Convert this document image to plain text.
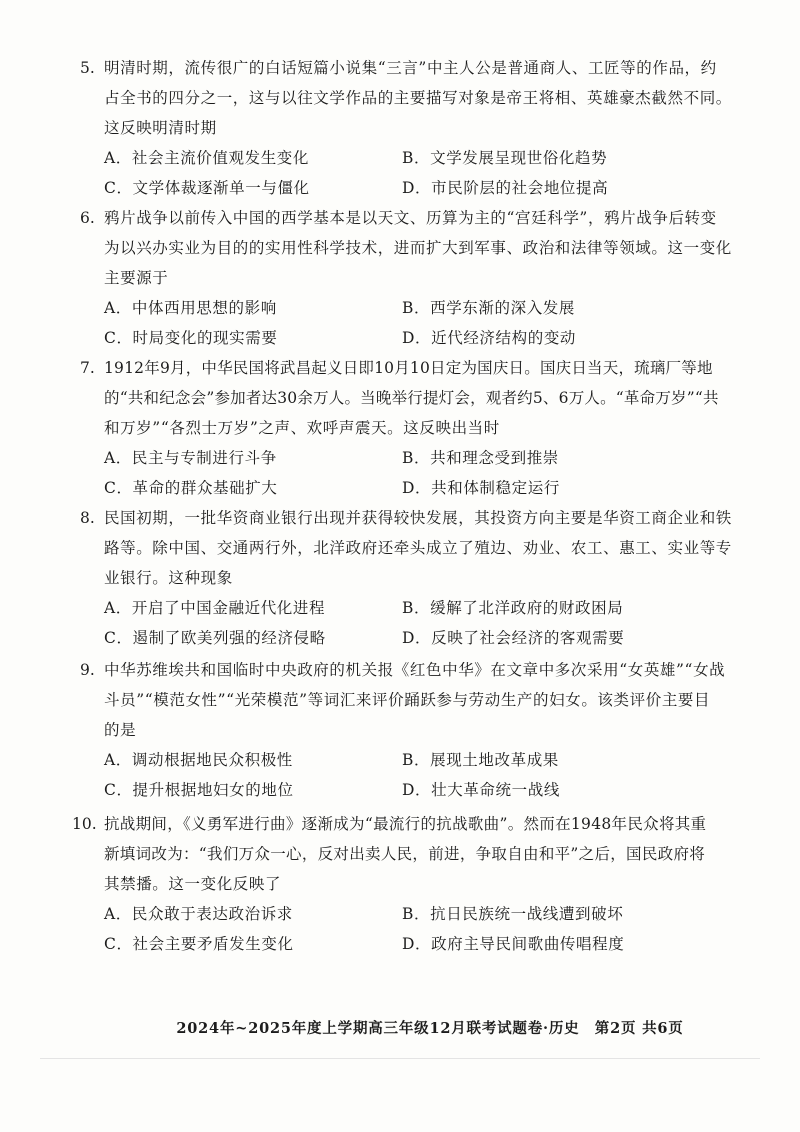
5. 明清时期，流传很广的白话短篇小说集“三言”中主人公是普通商人、工匠等的作品，约
占全书的四分之一，这与以往文学作品的主要描写对象是帝王将相、英雄豪杰截然不同。
这反映明清时期
A．社会主流价值观发生变化	B．文学发展呈现世俗化趋势
C．文学体裁逐渐单一与僵化	D．市民阶层的社会地位提高
6. 鸦片战争以前传入中国的西学基本是以天文、历算为主的“宫廷科学”，鸦片战争后转变
为以兴办实业为目的的实用性科学技术，进而扩大到军事、政治和法律等领域。这一变化
主要源于
A．中体西用思想的影响	B．西学东渐的深入发展
C．时局变化的现实需要	D．近代经济结构的变动
7. 1912年9月，中华民国将武昌起义日即10月10日定为国庆日。国庆日当天，琉璃厂等地
的“共和纪念会”参加者达30余万人。当晚举行提灯会，观者约5、6万人。“革命万岁”“共
和万岁”“各烈士万岁”之声、欢呼声震天。这反映出当时
A．民主与专制进行斗争	B．共和理念受到推崇
C．革命的群众基础扩大	D．共和体制稳定运行
8. 民国初期，一批华资商业银行出现并获得较快发展，其投资方向主要是华资工商企业和铁
路等。除中国、交通两行外，北洋政府还牵头成立了殖边、劝业、农工、惠工、实业等专
业银行。这种现象
A．开启了中国金融近代化进程	B．缓解了北洋政府的财政困局
C．遏制了欧美列强的经济侵略	D．反映了社会经济的客观需要
9. 中华苏维埃共和国临时中央政府的机关报《红色中华》在文章中多次采用“女英雄”“女战
斗员”“模范女性”“光荣模范”等词汇来评价踊跃参与劳动生产的妇女。该类评价主要目
的是
A．调动根据地民众积极性	B．展现土地改革成果
C．提升根据地妇女的地位	D．壮大革命统一战线
10. 抗战期间，《义勇军进行曲》逐渐成为“最流行的抗战歌曲”。然而在1948年民众将其重
新填词改为：“我们万众一心，反对出卖人民，前进，争取自由和平”之后，国民政府将
其禁播。这一变化反映了
A．民众敢于表达政治诉求	B．抗日民族统一战线遭到破坏
C．社会主要矛盾发生变化	D．政府主导民间歌曲传唱程度
2024年~2025年度上学期高三年级12月联考试题卷·历史　第2页 共6页
